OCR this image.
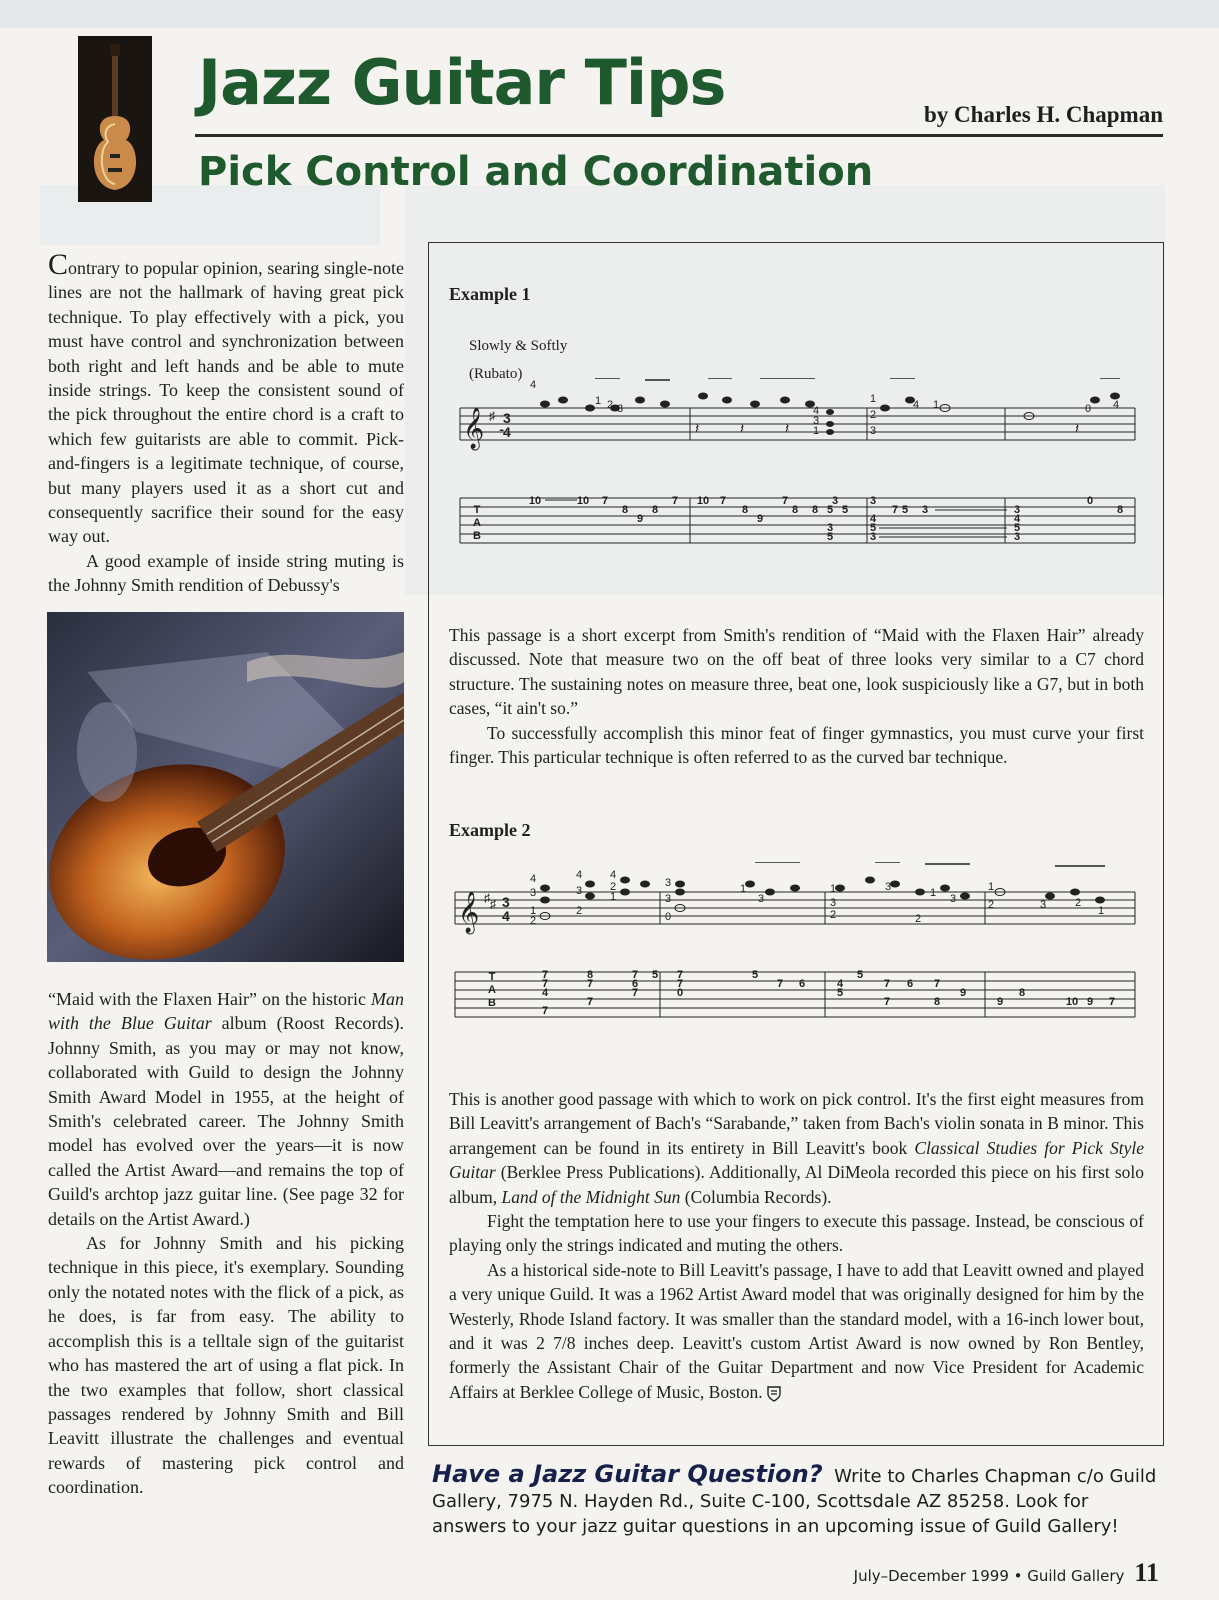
Jazz Guitar Tips	by Charles H. Chapman
Pick Control and Coordination

Contrary to popular opinion, searing single-note lines are not the hallmark of having great pick technique. To play effectively with a pick, you must have control and synchronization between both right and left hands and be able to mute inside strings. To keep the consistent sound of the pick throughout the entire chord is a craft to which few guitarists are able to commit. Pick-and-fingers is a legitimate technique, of course, but many players used it as a short cut and consequently sacrifice their sound for the easy way out.

A good example of inside string muting is the Johnny Smith rendition of Debussy's

“Maid with the Flaxen Hair” on the historic Man with the Blue Guitar album (Roost Records). Johnny Smith, as you may or may not know, collaborated with Guild to design the Johnny Smith Award Model in 1955, at the height of Smith's celebrated career. The Johnny Smith model has evolved over the years—it is now called the Artist Award—and remains the top of Guild's archtop jazz guitar line. (See page 32 for details on the Artist Award.)

As for Johnny Smith and his picking technique in this piece, it's exemplary. Sounding only the notated notes with the flick of a pick, as he does, is far from easy. The ability to accomplish this is a telltale sign of the guitarist who has mastered the art of using a flat pick. In the two examples that follow, short classical passages rendered by Johnny Smith and Bill Leavitt illustrate the challenges and eventual rewards of mastering pick control and coordination.

Example 1
Slowly & Softly
(Rubato)
𝄞 ♯ 3
4
4
1 2 3	4
3
1
1
2
3
4 1	0 4
𝄼	𝄽	𝄽	𝄽	𝄽
T
A
B
10	10 7
8
9
8
7 10 7
8
9
7
8 8
3
5 5
3
5
3
4
7 5 3
5
3
3
4
5
3
0
8

This passage is a short excerpt from Smith's rendition of “Maid with the Flaxen Hair” already discussed. Note that measure two on the off beat of three looks very similar to a C7 chord structure. The sustaining notes on measure three, beat one, look suspiciously like a G7, but in both cases, “it ain't so.”

To successfully accomplish this minor feat of finger gymnastics, you must curve your first finger. This particular technique is often referred to as the curved bar technique.

Example 2
𝄞 ♯ ♯ 3
4
4
3
1
2
4
3
2
4
2
1
3
3
0
1
3
1
3
2
3	1 3
1
2	3	2
1
2
T
A
B
7
7
4
7
8
7
7
7
6
7
5 7
7
0
5
7 6	4
5
5
7
7
6 7
8
9
9
8
10 9 7

This is another good passage with which to work on pick control. It's the first eight measures from Bill Leavitt's arrangement of Bach's “Sarabande,” taken from Bach's violin sonata in B minor. This arrangement can be found in its entirety in Bill Leavitt's book Classical Studies for Pick Style Guitar (Berklee Press Publications). Additionally, Al DiMeola recorded this piece on his first solo album, Land of the Midnight Sun (Columbia Records).

Fight the temptation here to use your fingers to execute this passage. Instead, be conscious of playing only the strings indicated and muting the others.

As a historical side-note to Bill Leavitt's passage, I have to add that Leavitt owned and played a very unique Guild. It was a 1962 Artist Award model that was originally designed for him by the Westerly, Rhode Island factory. It was smaller than the standard model, with a 16-inch lower bout, and it was 2 7/8 inches deep. Leavitt's custom Artist Award is now owned by Ron Bentley, formerly the Assistant Chair of the Guitar Department and now Vice President for Academic Affairs at Berklee College of Music, Boston.

Have a Jazz Guitar Question? Write to Charles Chapman c/o Guild Gallery, 7975 N. Hayden Rd., Suite C-100, Scottsdale AZ 85258. Look for answers to your jazz guitar questions in an upcoming issue of Guild Gallery!
July–December 1999 • Guild Gallery 11
